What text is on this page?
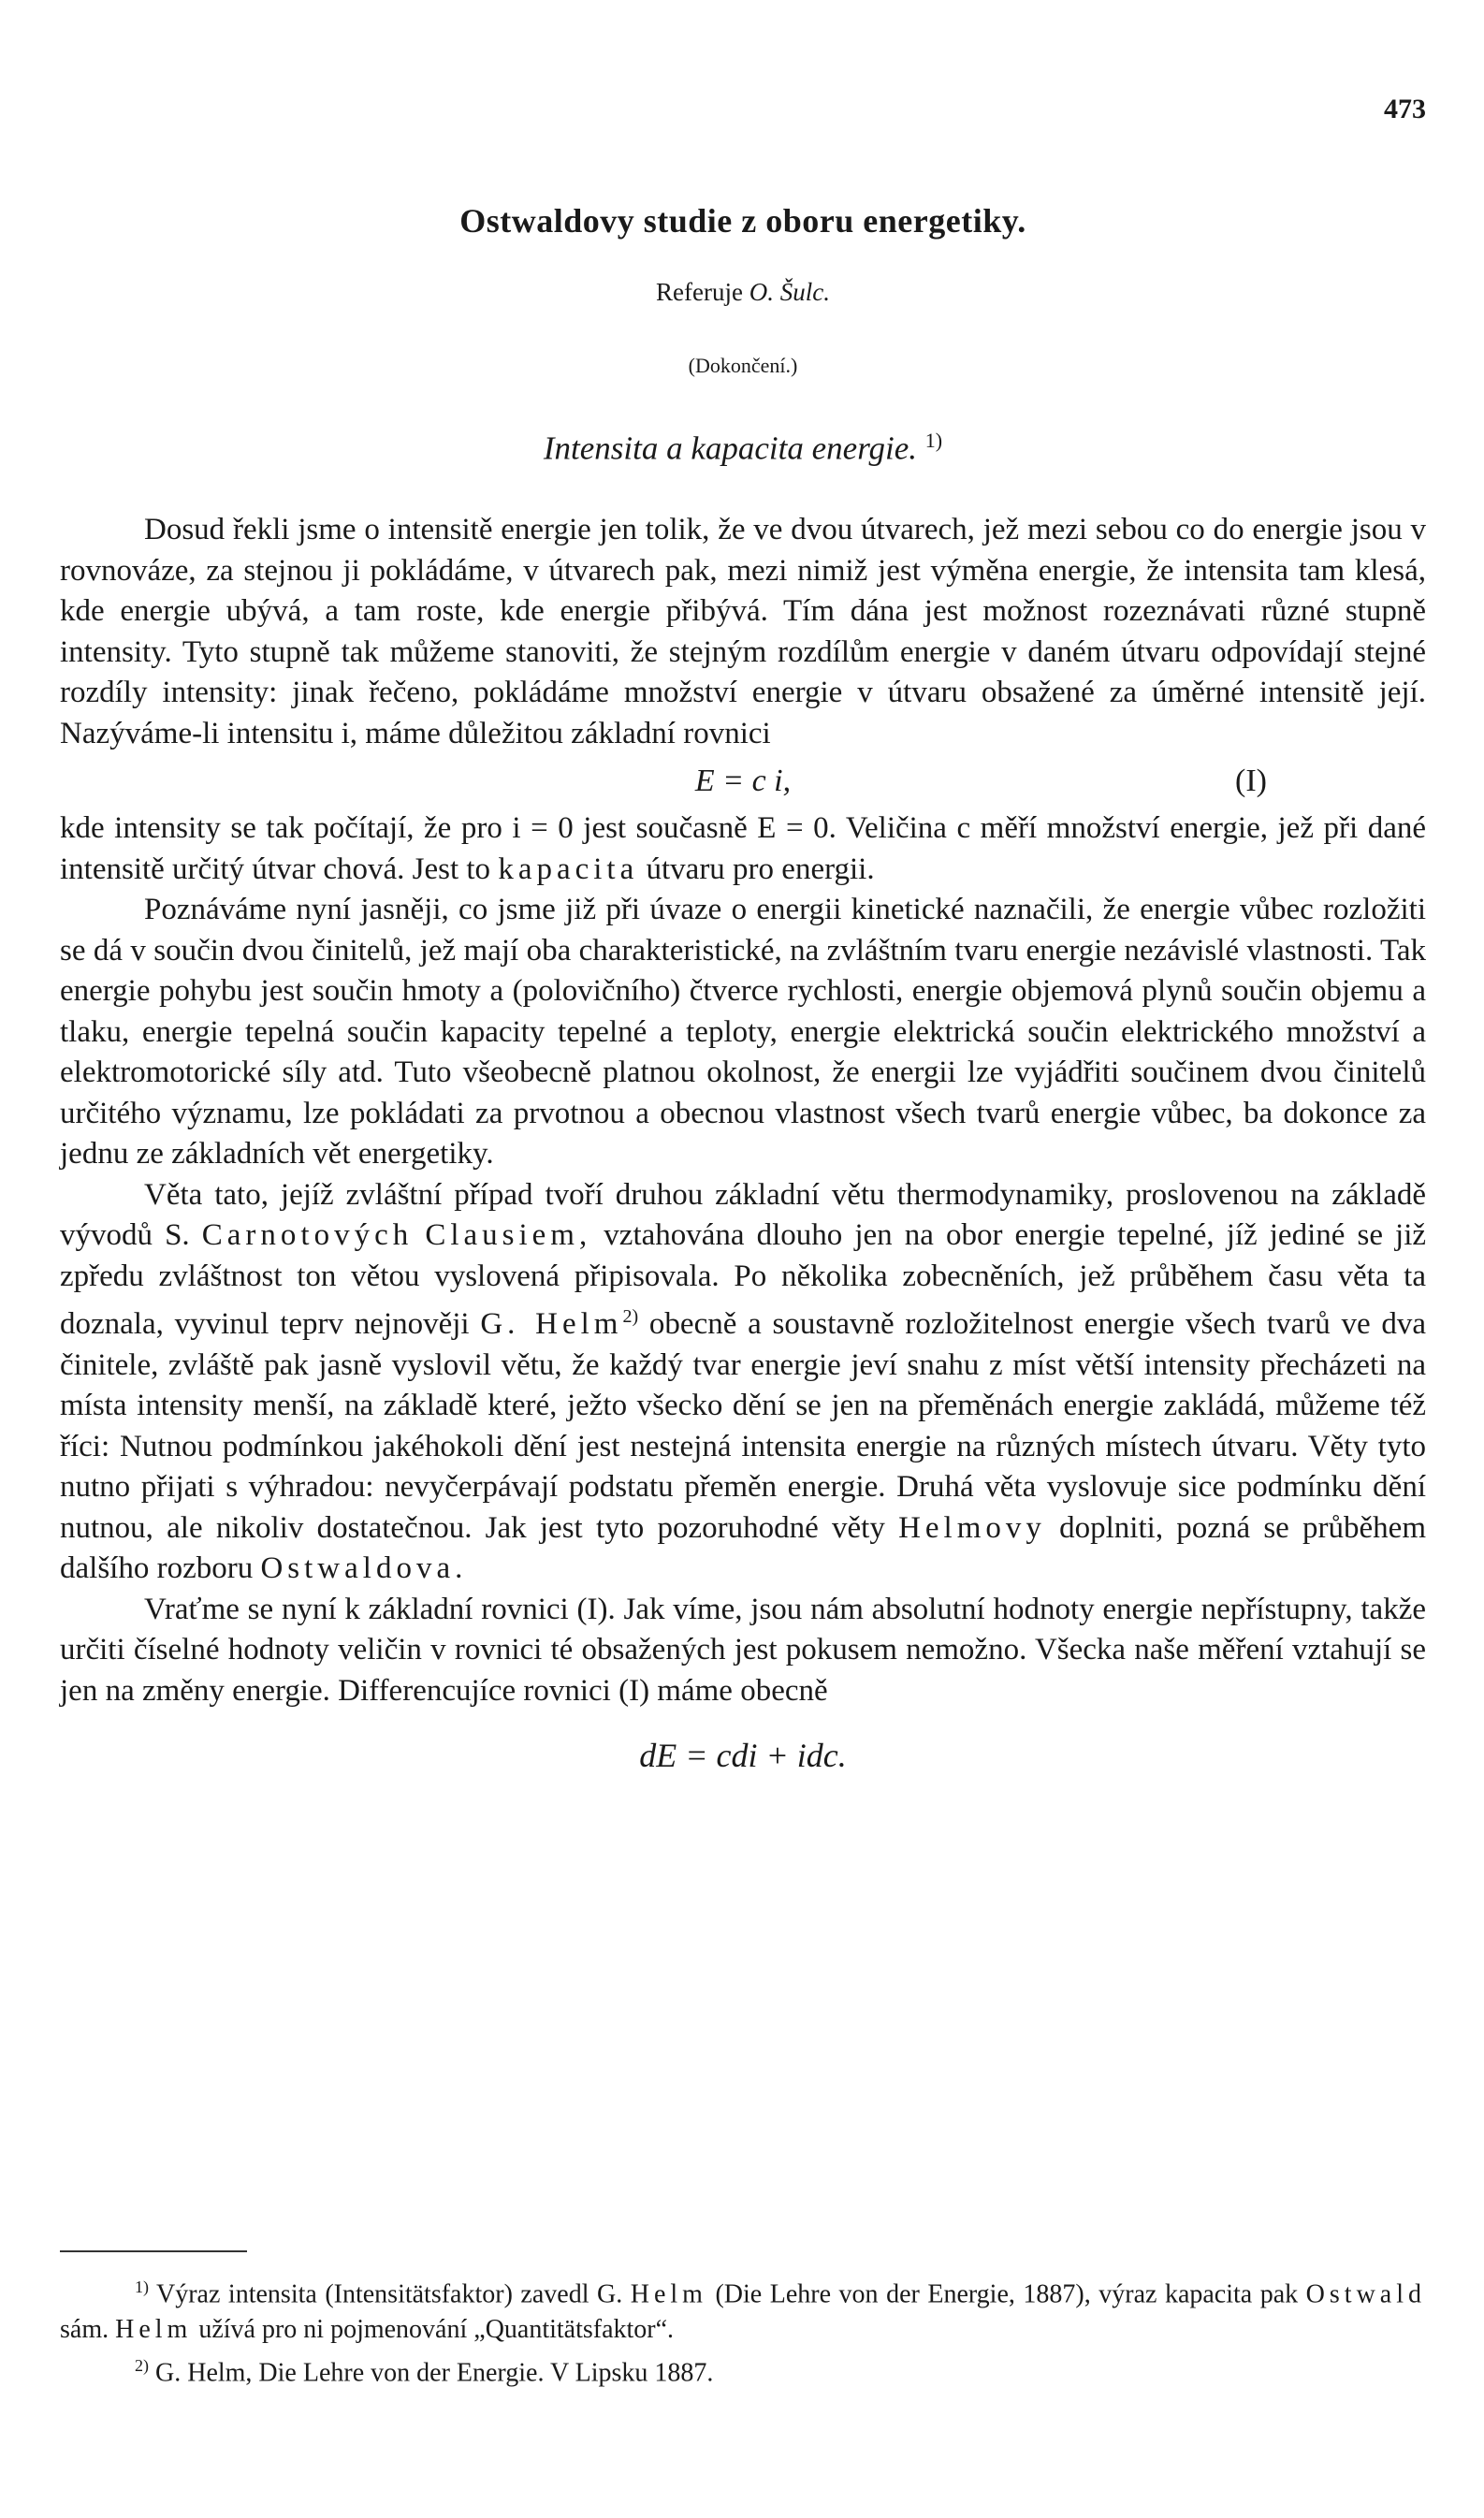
473
Ostwaldovy studie z oboru energetiky.
Referuje O. Šulc.
(Dokončení.)
Intensita a kapacita energie. $^{1)}$

Dosud řekli jsme o intensitě energie jen tolik, že ve dvou útvarech, jež mezi sebou co do energie jsou v rovnováze, za stejnou ji pokládáme, v útvarech pak, mezi nimiž jest výměna energie, že intensita tam klesá, kde energie ubývá, a tam roste, kde energie přibývá. Tím dána jest možnost rozeznávati různé stupně intensity. Tyto stupně tak můžeme stanoviti, že stejným rozdílům energie v daném útvaru odpovídají stejné rozdíly intensity: jinak řečeno, pokládáme množství energie v útvaru obsažené za úměrné intensitě její. Nazýváme-li intensitu i, máme důležitou základní rovnici

E = c i,	(I)

kde intensity se tak počítají, že pro i = 0 jest současně E = 0. Veličina c měří množství energie, jež při dané intensitě určitý útvar chová. Jest to kapacita útvaru pro energii.

Poznáváme nyní jasněji, co jsme již při úvaze o energii kinetické naznačili, že energie vůbec rozložiti se dá v součin dvou činitelů, jež mají oba charakteristické, na zvláštním tvaru energie nezávislé vlastnosti. Tak energie pohybu jest součin hmoty a (polovičního) čtverce rychlosti, energie objemová plynů součin objemu a tlaku, energie tepelná součin kapacity tepelné a teploty, energie elektrická součin elektrického množství a elektromotorické síly atd. Tuto všeobecně platnou okolnost, že energii lze vyjádřiti součinem dvou činitelů určitého významu, lze pokládati za prvotnou a obecnou vlastnost všech tvarů energie vůbec, ba dokonce za jednu ze základních vět energetiky.

Věta tato, jejíž zvláštní případ tvoří druhou základní větu thermodynamiky, proslovenou na základě vývodů S. Carnotových Clausiem, vztahována dlouho jen na obor energie tepelné, jíž jediné se již zpředu zvláštnost ton větou vyslovená připisovala. Po několika zobecněních, jež průběhem času věta ta doznala, vyvinul teprv nejnověji G. Helm$^{2)}$ obecně a soustavně rozložitelnost energie všech tvarů ve dva činitele, zvláště pak jasně vyslovil větu, že každý tvar energie jeví snahu z míst větší intensity přecházeti na místa intensity menší, na základě které, ježto všecko dění se jen na přeměnách energie zakládá, můžeme též říci: Nutnou podmínkou jakéhokoli dění jest nestejná intensita energie na různých místech útvaru. Věty tyto nutno přijati s výhradou: nevyčerpávají podstatu přeměn energie. Druhá věta vyslovuje sice podmínku dění nutnou, ale nikoliv dostatečnou. Jak jest tyto pozoruhodné věty Helmovy doplniti, pozná se průběhem dalšího rozboru Ostwaldova.

Vraťme se nyní k základní rovnici (I). Jak víme, jsou nám absolutní hodnoty energie nepřístupny, takže určiti číselné hodnoty veličin v rovnici té obsažených jest pokusem nemožno. Všecka naše měření vztahují se jen na změny energie. Differencujíce rovnici (I) máme obecně

dE = cdi + idc.

$^{1)}$ Výraz intensita (Intensitätsfaktor) zavedl G. Helm (Die Lehre von der Energie, 1887), výraz kapacita pak Ostwald sám. Helm užívá pro ni pojmenování „Quantitätsfaktor“.

$^{2)}$ G. Helm, Die Lehre von der Energie. V Lipsku 1887.
